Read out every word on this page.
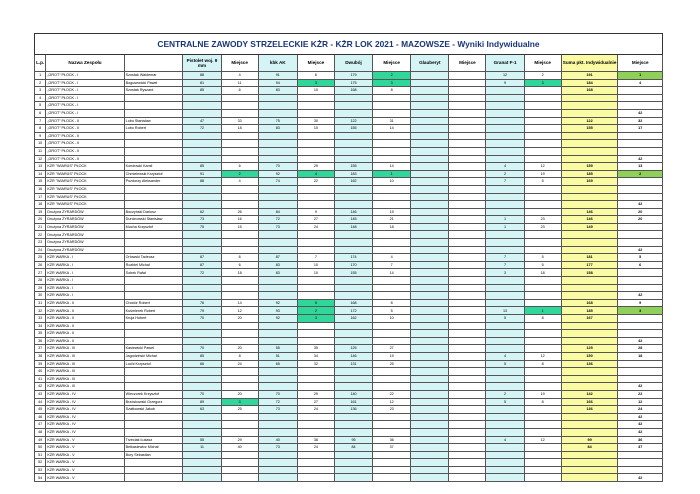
CENTRALNE ZAWODY STRZELECKIE KŻR - KŻR LOK 2021 - MAZOWSZE - Wyniki Indywidualne														
L.p.	Nazwa Zespołu		Pistolet woj. 9 mm	Miejsce	kbk AK	Miejsce	Dwubój	Miejsce	Glauberyt	Miejsce	Granat F-1	Miejsce	Suma pkt. Indywidualnie	Miejsce
1	„GROT” PŁOCK - I	Szostak Waldemar	88	4	91	6	179	2			12	2	191	1
2	„GROT” PŁOCK - I	Bogusewicki Paweł	81	11	94	3	175	3			9	3	184	4
3	„GROT” PŁOCK - I	Szostak Ryszard	85	6	83	10	168	8					168	
4	„GROT” PŁOCK - I													
5	„GROT” PŁOCK - I													
6	„GROT” PŁOCK - I													42
7	„GROT” PŁOCK - II	Lobo Stanisław	47	33	75	30	122	31					122	32
8	„GROT” PŁOCK - II	Lobo Robert	72	18	83	10	155	14					155	17
9	„GROT” PŁOCK - II													
10	„GROT” PŁOCK - II													
11	„GROT” PŁOCK - II													
12	„GROT” PŁOCK - II													42
13	KŻR "WIARUS" PŁOCK	Kondracki Kamil	85	6	70	29	155	14			4	12	159	13
14	KŻR "WIARUS" PŁOCK	Chmielewski Krzysztof	91	2	92	4	183	1			2	19	185	2
15	KŻR "WIARUS" PŁOCK	Puzdorzy Aleksander	88	4	74	22	162	10			7	5	169	
16	KŻR "WIARUS" PŁOCK													
17	KŻR "WIARUS" PŁOCK													
18	KŻR "WIARUS" PŁOCK													42
19	Drużyna ŻYRARDÓW	Boczyński Dariusz	62	26	84	9	146	19					146	20
20	Drużyna ŻYRARDÓW	Durcinowski Stanisław	73	16	72	27	145	21			1	23	146	20
21	Drużyna ŻYRARDÓW	Mucha Krzysztof	75	15	73	24	148	18			1	23	149	
22	Drużyna ŻYRARDÓW													
23	Drużyna ŻYRARDÓW													
24	Drużyna ŻYRARDÓW													42
25	KŻR WARKA - I	Orlowski Tadeusz	87	6	87	7	174	4			7	5	181	5
26	KŻR WARKA - I	Rozbiel Michał	87	6	83	10	170	7			7	5	177	6
27	KŻR WARKA - I	Sobek Rafał	72	18	83	10	155	14			3	18	158	
28	KŻR WARKA - I													
29	KŻR WARKA - I													
30	KŻR WARKA - I													42
31	KŻR WARKA - II	Chodór Robert	76	14	92	5	168	8					168	9
32	KŻR WARKA - II	Kuśmierek Robert	79	12	93	2	172	5			13	1	185	3
33	KŻR WARKA - II	Kruja Hubert	70	20	92	3	162	10			5	8	167	
34	KŻR WARKA - II													
35	KŻR WARKA - II													
36	KŻR WARKA - II													42
37	KŻR WARKA - III	Kasiewicki Paweł	70	20	55	35	125	27					125	28
38	KŻR WARKA - III	Jagodziński Michał	85	8	51	34	146	19			4	12	150	18
39	KŻR WARKA - III	Lochl Krzysztof	66	24	65	32	131	25			5	8	136	
40	KŻR WARKA - III													
41	KŻR WARKA - III													
42	KŻR WARKA - III													42
43	KŻR WARKA - IV	Wieczorek Krzysztof	70	20	70	29	140	22			2	19	142	22
44	KŻR WARKA - IV	Brzóskowski Grzegorz	89	3	72	27	161	12			5	8	166	12
45	KŻR WARKA - IV	Szatkowski Jakub	63	25	73	24	136	23					136	24
46	KŻR WARKA - IV													42
47	KŻR WARKA - IV													42
48	KŻR WARKA - IV													42
49	KŻR WARKA - V	Trzeciak Łukasz	55	29	40	38	95	36			4	12	99	36
50	KŻR WARKA - V	Bełkasiewicz Michał	11	40	73	24	84	37					84	37
51	KŻR WARKA - V	Bury Sebastian												
52	KŻR WARKA - V													
53	KŻR WARKA - V													
54	KŻR WARKA - V													42
